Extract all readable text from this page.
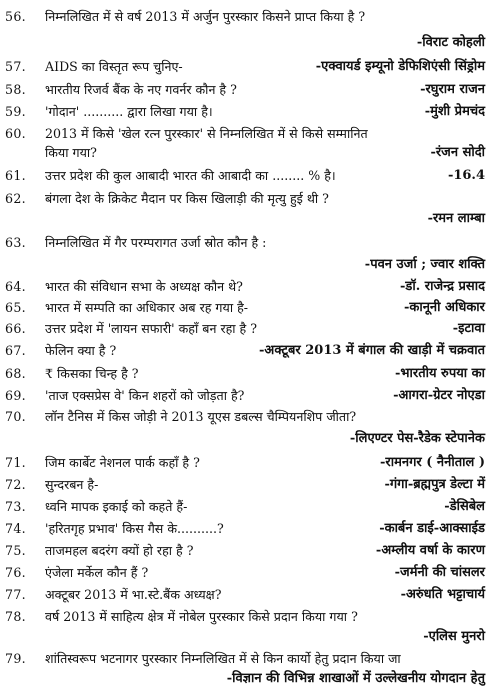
56.	निम्नलिखित में से वर्ष 2013 में अर्जुन पुरस्कार किसने प्राप्त किया है ?
-विराट कोहली
57.	AIDS का विस्तृत रूप चुनिए-	-एक्वायर्ड इम्यूनो डेफिशिएंसी सिंड्रोम
58.	भारतीय रिजर्व बैंक के नए गवर्नर कौन है ?	-रघुराम राजन
59.	'गोदान' .......... द्वारा लिखा गया है।	-मुंशी प्रेमचंद
60.	2013 में किसे 'खेल रत्न पुरस्कार' से निम्नलिखित में से किसे सम्मानित
किया गया?	-रंजन सोदी
61.	उत्तर प्रदेश की कुल आबादी भारत की आबादी का ........ % है।	-16.4
62.	बंगला देश के क्रिकेट मैदान पर किस खिलाड़ी की मृत्यु हुई थी ?
-रमन लाम्बा
63.	निम्नलिखित में गैर परम्परागत उर्जा स्रोत कौन है :
-पवन उर्जा ; ज्वार शक्ति
64.	भारत की संविधान सभा के अध्यक्ष कौन थे?	-डॉ. राजेन्द्र प्रसाद
65.	भारत में सम्पति का अधिकार अब रह गया है-	-कानूनी अधिकार
66.	उत्तर प्रदेश में 'लायन सफारी' कहाँ बन रहा है ?	-इटावा
67.	फेलिन क्या है ?	-अक्टूबर 2013 में बंगाल की खाड़ी में चक्रवात
68.	₹ किसका चिन्ह है ?	-भारतीय रुपया का
69.	'ताज एक्सप्रेस वे' किन शहरों को जोड़ता है?	-आगरा-ग्रेटर नोएडा
70.	लॉन टैनिस में किस जोड़ी ने 2013 यूएस डबल्स चैम्पियनशिप जीता?
-लिएण्टर पेस-रैडेक स्टेपानेक
71.	जिम कार्बेट नेशनल पार्क कहाँ है ?	-रामनगर ( नैनीताल )
72.	सुन्दरबन है-	-गंगा-ब्रह्मपुत्र डेल्टा में
73.	ध्वनि मापक इकाई को कहते हैं-	-डेसिबेल
74.	'हरितगृह प्रभाव' किस गैस के..........?	-कार्बन डाई-आक्साईड
75.	ताजमहल बदरंग क्यों हो रहा है ?	-अम्लीय वर्षा के कारण
76.	एंजेला मर्केल कौन हैं ?	-जर्मनी की चांसलर
77.	अक्टूबर 2013 में भा.स्टे.बैंक अध्यक्ष?	-अरुंधति भट्टाचार्य
78.	वर्ष 2013 में साहित्य क्षेत्र में नोबेल पुरस्कार किसे प्रदान किया गया ?
-एलिस मुनरो
79.	शांतिस्वरूप भटनागर पुरस्कार निम्नलिखित में से किन कार्यो हेतु प्रदान किया जा
-विज्ञान की विभिन्न शाखाओं में उल्लेखनीय योगदान हेतु
